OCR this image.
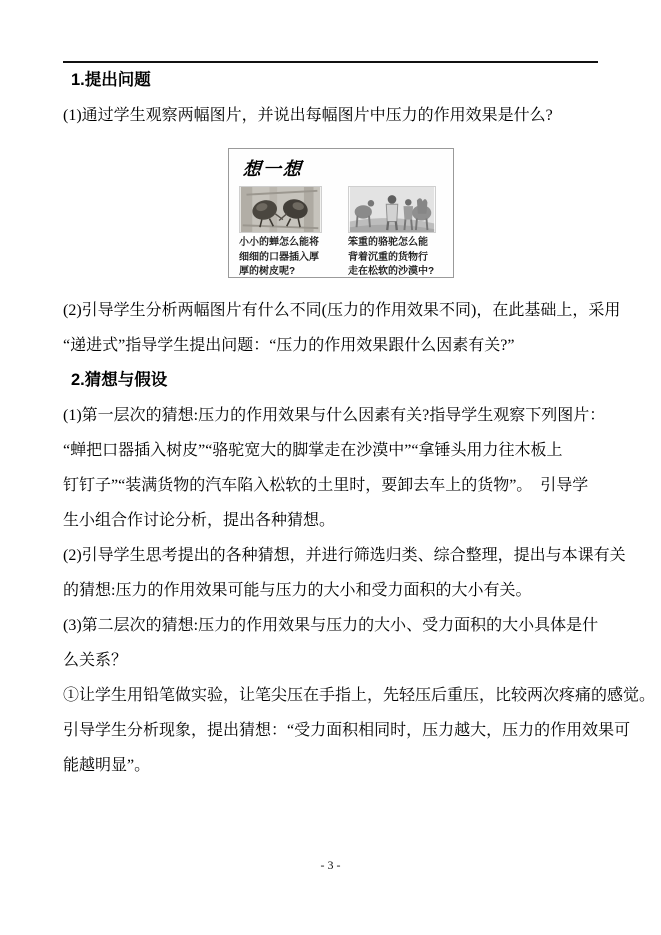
1.提出问题
(1)通过学生观察两幅图片，并说出每幅图片中压力的作用效果是什么?
想一想
小小的蝉怎么能将
细细的口器插入厚
厚的树皮呢?
笨重的骆驼怎么能
背着沉重的货物行
走在松软的沙漠中?
(2)引导学生分析两幅图片有什么不同(压力的作用效果不同)，在此基础上，采用
“递进式”指导学生提出问题：“压力的作用效果跟什么因素有关?”
2.猜想与假设
(1)第一层次的猜想:压力的作用效果与什么因素有关?指导学生观察下列图片：
“蝉把口器插入树皮”“骆驼宽大的脚掌走在沙漠中”“拿锤头用力往木板上
钉钉子”“装满货物的汽车陷入松软的土里时，要卸去车上的货物”。　引导学
生小组合作讨论分析，提出各种猜想。
(2)引导学生思考提出的各种猜想，并进行筛选归类、综合整理，提出与本课有关
的猜想:压力的作用效果可能与压力的大小和受力面积的大小有关。
(3)第二层次的猜想:压力的作用效果与压力的大小、受力面积的大小具体是什
么关系？
①让学生用铅笔做实验，让笔尖压在手指上，先轻压后重压，比较两次疼痛的感觉。
引导学生分析现象，提出猜想：“受力面积相同时，压力越大，压力的作用效果可
能越明显”。
- 3 -
